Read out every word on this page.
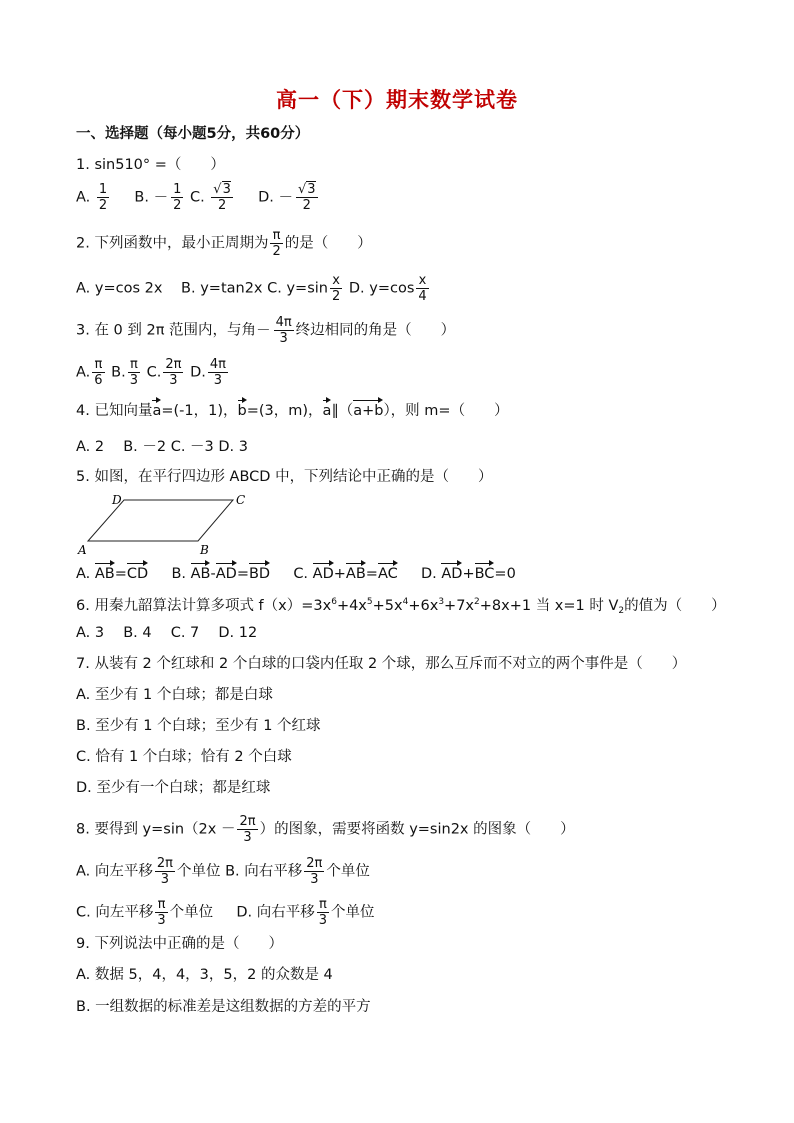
高一（下）期末数学试卷
一、选择题（每小题5分，共60分）
1. sin510° =（　　）
A. $\frac{1}{2} B$. － $\frac{1}{2} C$. $\frac{√3}{2} D$. － $\frac{√3}{2}$
2. 下列函数中，最小正周期为 $\frac{\pi}{2}$ 的是（　　）
A. y=cos 2x B. y=tan2x C. $y=\sin \frac{x}{2} D$. $y=\cos \frac{x}{4}$
3. 在 0 到 2π 范围内，与角－ $\frac{4\pi}{3}$ 终边相同的角是（　　）
A. $\frac{\pi}{6} B$. $\frac{\pi}{3} C$. $\frac{2\pi}{3} D$. $\frac{4\pi}{3}$
4. 已知向量a=(-1，1)，b=(3，m)，a∥（a+b），则 m=（　　）
A. 2　 B. －2 C. －3 D. 3
5. 如图，在平行四边形 ABCD 中，下列结论中正确的是（　　）
A	B
C
D
A. AB=CD B. AB-AD=BD C. AD+AB=AC D. AD+BC=0
6. 用秦九韶算法计算多项式 $f(x)=3x^6+4x^5+5x^4+6x^3+7x^2+8x+1$ 当 x=1 时 $V_2$的值为（　　）
A. 3　 B. 4　 C. 7　 D. 12
7. 从装有 2 个红球和 2 个白球的口袋内任取 2 个球，那么互斥而不对立的两个事件是（　　）
A. 至少有 1 个白球；都是白球
B. 至少有 1 个白球；至少有 1 个红球
C. 恰有 1 个白球；恰有 2 个白球
D. 至少有一个白球；都是红球
8. 要得到 $y=\sin(2x - \frac{2\pi}{3}$ ）的图象，需要将函数 y=sin2x 的图象（　　）
A. 向左平移 $\frac{2\pi}{3}$ 个单位 B. 向右平移 $\frac{2\pi}{3}$ 个单位
C. 向左平移 $\frac{\pi}{3}$ 个单位 D. 向右平移 $\frac{\pi}{3}$ 个单位
9. 下列说法中正确的是（　　）
A. 数据 5，4，4，3，5，2 的众数是 4
B. 一组数据的标准差是这组数据的方差的平方
